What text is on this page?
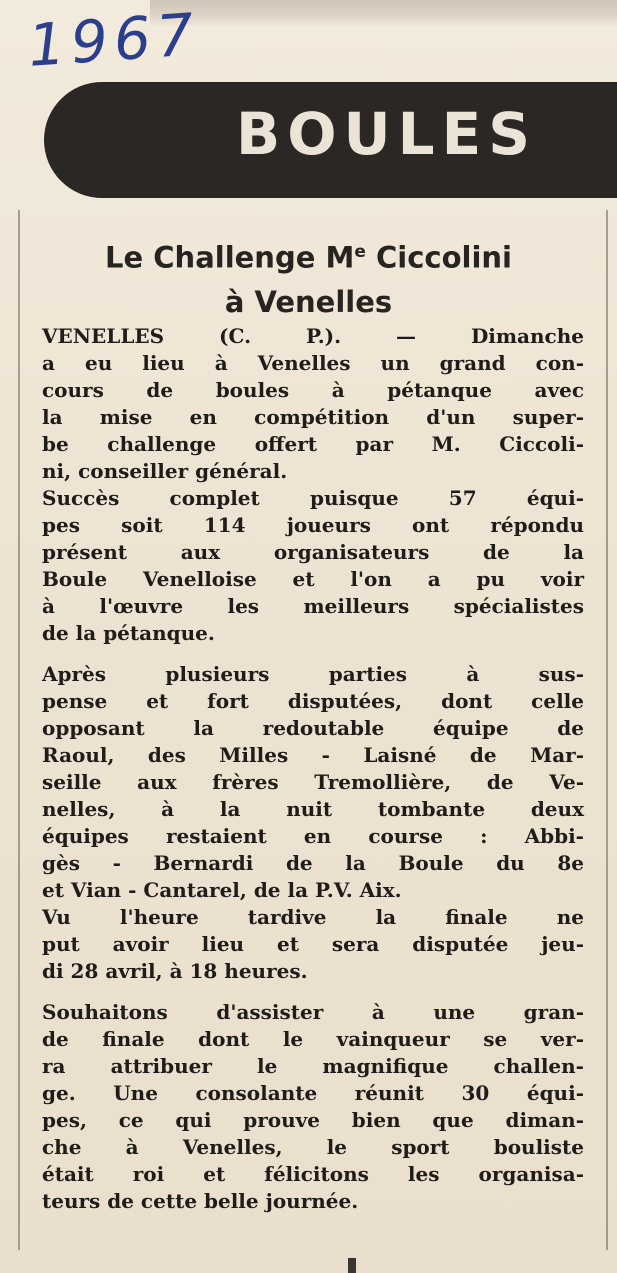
1967
BOULES
Le Challenge Me Ciccolini
à Venelles
VENELLES (C. P.). — Dimanche
a eu lieu à Venelles un grand con-
cours de boules à pétanque avec
la mise en compétition d'un super-
be challenge offert par M. Ciccoli-
ni, conseiller général.
Succès complet puisque 57 équi-
pes soit 114 joueurs ont répondu
présent aux organisateurs de la
Boule Venelloise et l'on a pu voir
à l'œuvre les meilleurs spécialistes
de la pétanque.
Après plusieurs parties à sus-
pense et fort disputées, dont celle
opposant la redoutable équipe de
Raoul, des Milles - Laisné de Mar-
seille aux frères Tremollière, de Ve-
nelles, à la nuit tombante deux
équipes restaient en course : Abbi-
gès - Bernardi de la Boule du 8e
et Vian - Cantarel, de la P.V. Aix.
Vu l'heure tardive la finale ne
put avoir lieu et sera disputée jeu-
di 28 avril, à 18 heures.
Souhaitons d'assister à une gran-
de finale dont le vainqueur se ver-
ra attribuer le magnifique challen-
ge. Une consolante réunit 30 équi-
pes, ce qui prouve bien que diman-
che à Venelles, le sport bouliste
était roi et félicitons les organisa-
teurs de cette belle journée.
